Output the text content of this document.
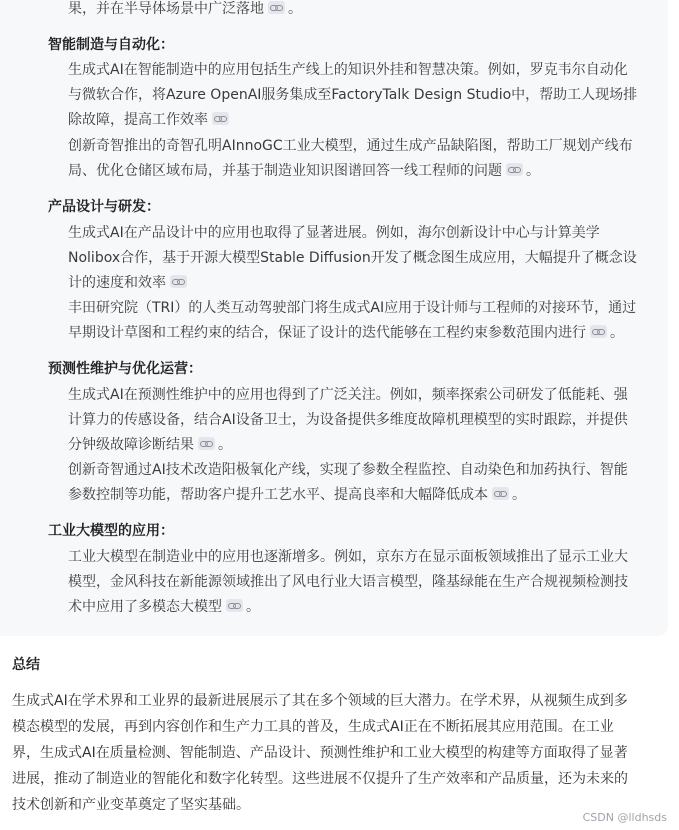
果，并在半导体场景中广泛落地 。
智能制造与自动化：
生成式AI在智能制造中的应用包括生产线上的知识外挂和智慧决策。例如，罗克韦尔自动化
与微软合作，将Azure OpenAI服务集成至FactoryTalk Design Studio中，帮助工人现场排
除故障，提高工作效率
创新奇智推出的奇智孔明AInnoGC工业大模型，通过生成产品缺陷图，帮助工厂规划产线布
局、优化仓储区域布局，并基于制造业知识图谱回答一线工程师的问题 。
产品设计与研发：
生成式AI在产品设计中的应用也取得了显著进展。例如，海尔创新设计中心与计算美学
Nolibox合作，基于开源大模型Stable Diffusion开发了概念图生成应用，大幅提升了概念设
计的速度和效率
丰田研究院（TRI）的人类互动驾驶部门将生成式AI应用于设计师与工程师的对接环节，通过
早期设计草图和工程约束的结合，保证了设计的迭代能够在工程约束参数范围内进行 。
预测性维护与优化运营：
生成式AI在预测性维护中的应用也得到了广泛关注。例如，频率探索公司研发了低能耗、强
计算力的传感设备，结合AI设备卫士，为设备提供多维度故障机理模型的实时跟踪，并提供
分钟级故障诊断结果 。
创新奇智通过AI技术改造阳极氧化产线，实现了参数全程监控、自动染色和加药执行、智能
参数控制等功能，帮助客户提升工艺水平、提高良率和大幅降低成本 。
工业大模型的应用：
工业大模型在制造业中的应用也逐渐增多。例如，京东方在显示面板领域推出了显示工业大
模型，金风科技在新能源领域推出了风电行业大语言模型，隆基绿能在生产合规视频检测技
术中应用了多模态大模型 。
总结
生成式AI在学术界和工业界的最新进展展示了其在多个领域的巨大潜力。在学术界，从视频生成到多
模态模型的发展，再到内容创作和生产力工具的普及，生成式AI正在不断拓展其应用范围。在工业
界，生成式AI在质量检测、智能制造、产品设计、预测性维护和工业大模型的构建等方面取得了显著
进展，推动了制造业的智能化和数字化转型。这些进展不仅提升了生产效率和产品质量，还为未来的
技术创新和产业变革奠定了坚实基础。
CSDN @lldhsds
